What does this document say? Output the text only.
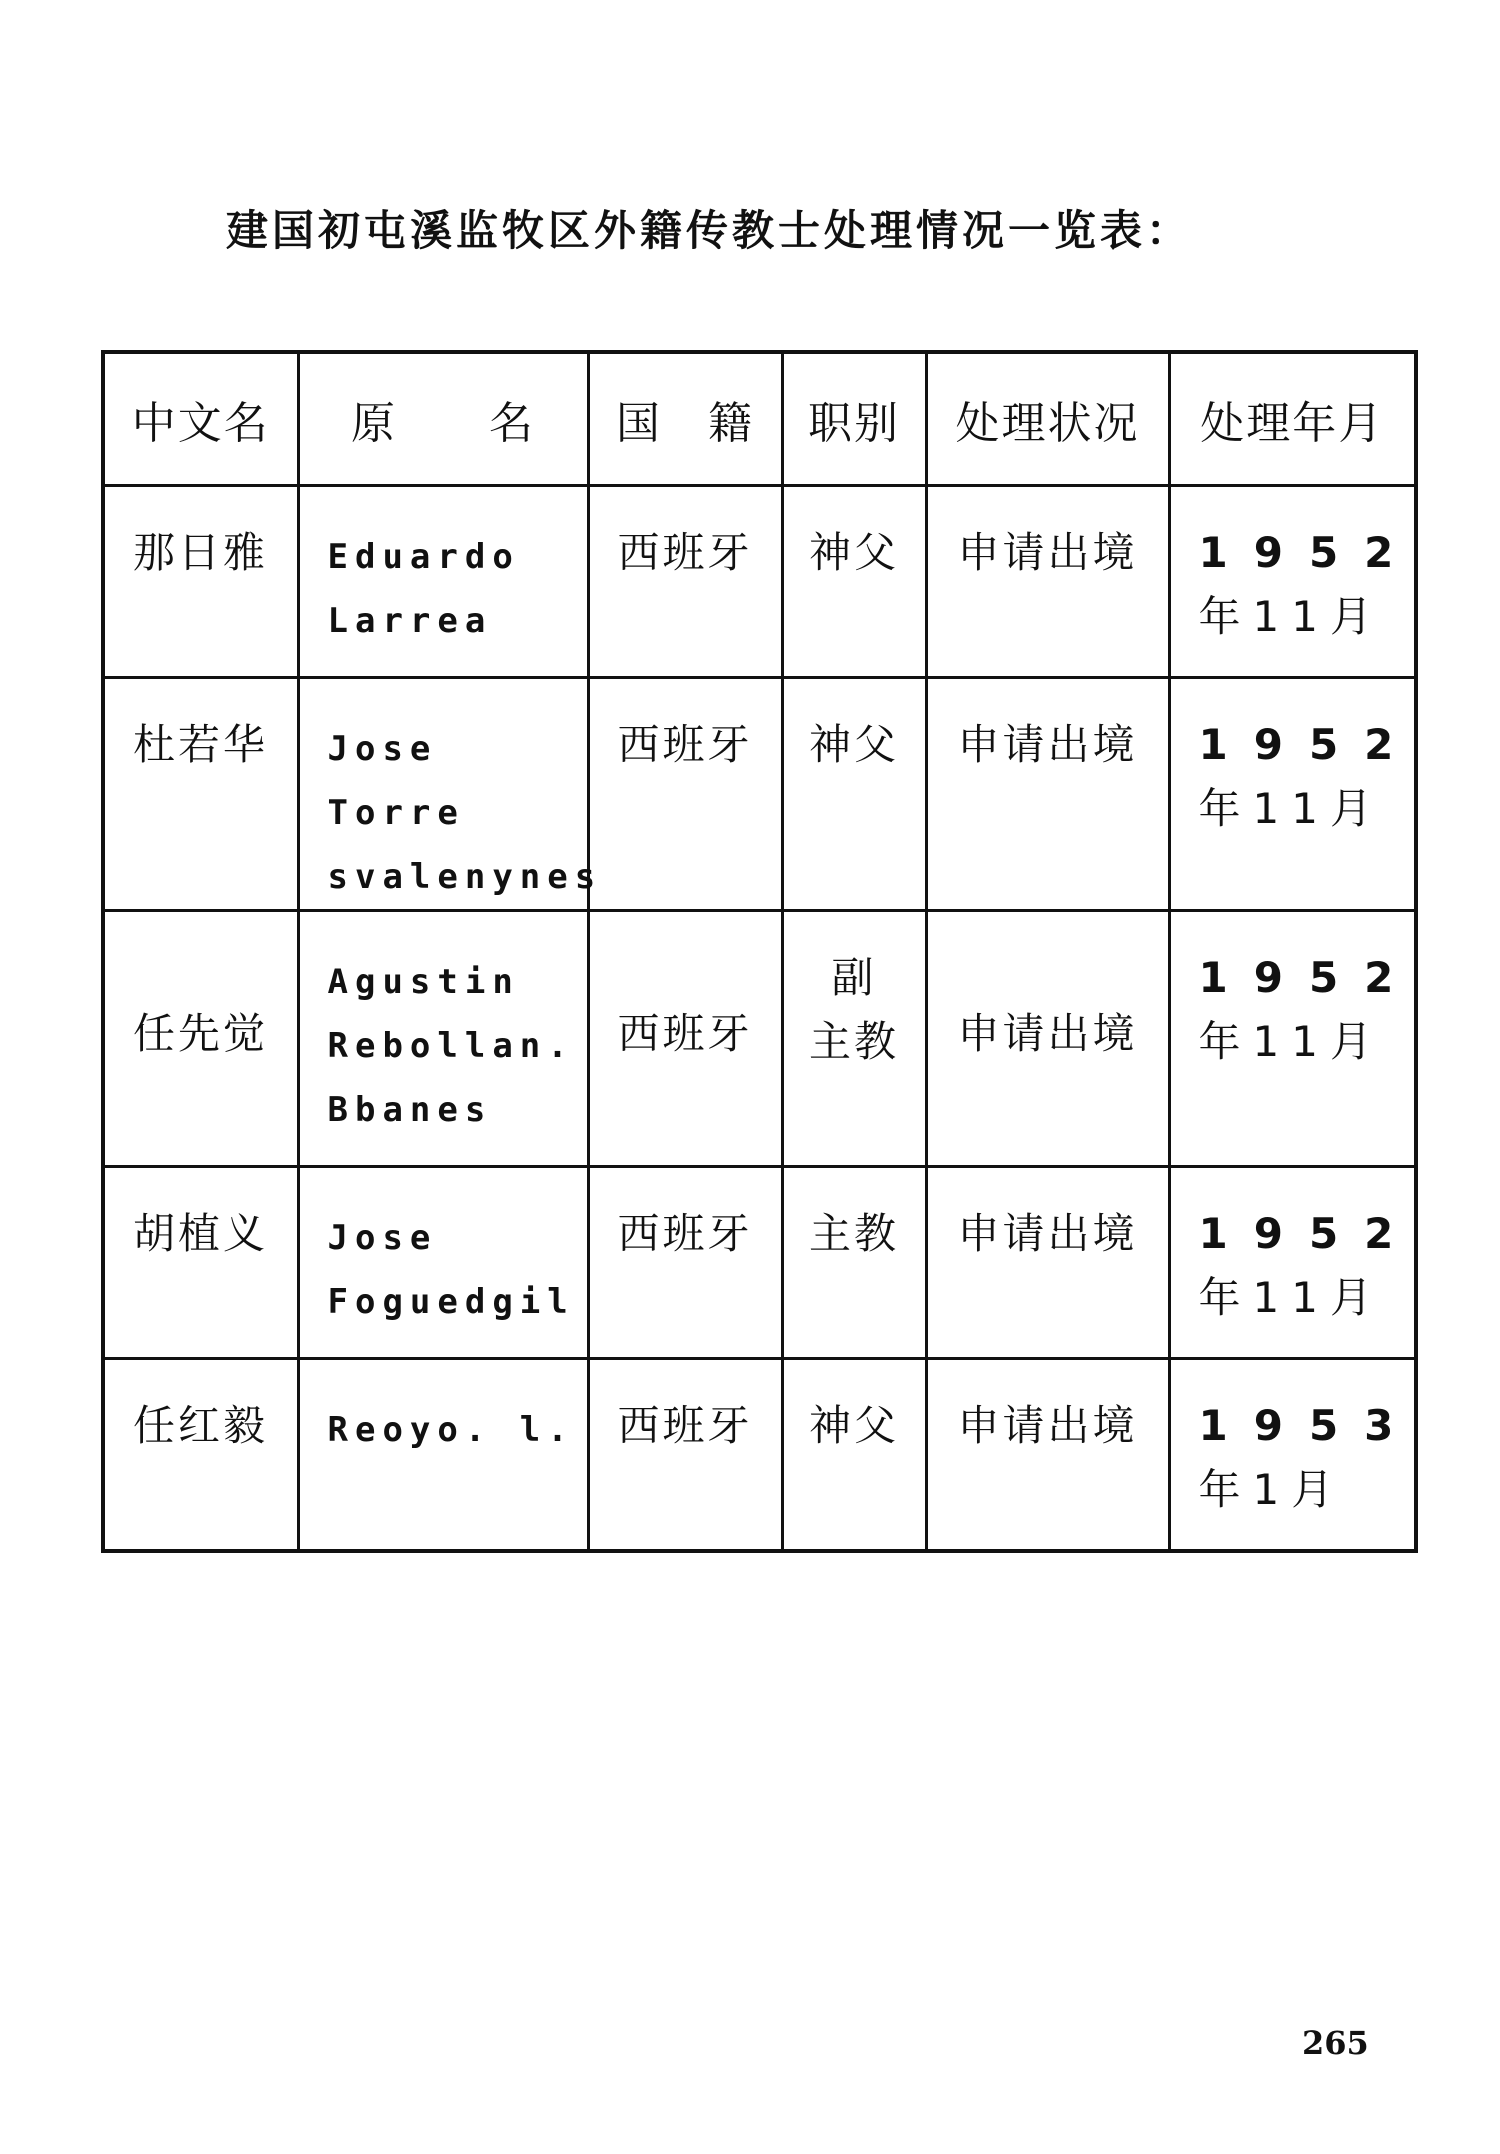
建国初屯溪监牧区外籍传教士处理情况一览表：
中文名	原　　名	国　籍	职别	处理状况	处理年月

那日雅	Eduardo
Larrea	西班牙	神父	申请出境	1952
年11月

杜若华	Jose Torre
svalenynes	西班牙	神父	申请出境	1952
年11月

任先觉	Agustin
Rebollan.
Bbanes	西班牙	副
主教	申请出境	1952
年11月

胡植义	Jose
Foguedgil	西班牙	主教	申请出境	1952
年11月

任红毅	Reoyo. l.	西班牙	神父	申请出境	1953
年1月
265
